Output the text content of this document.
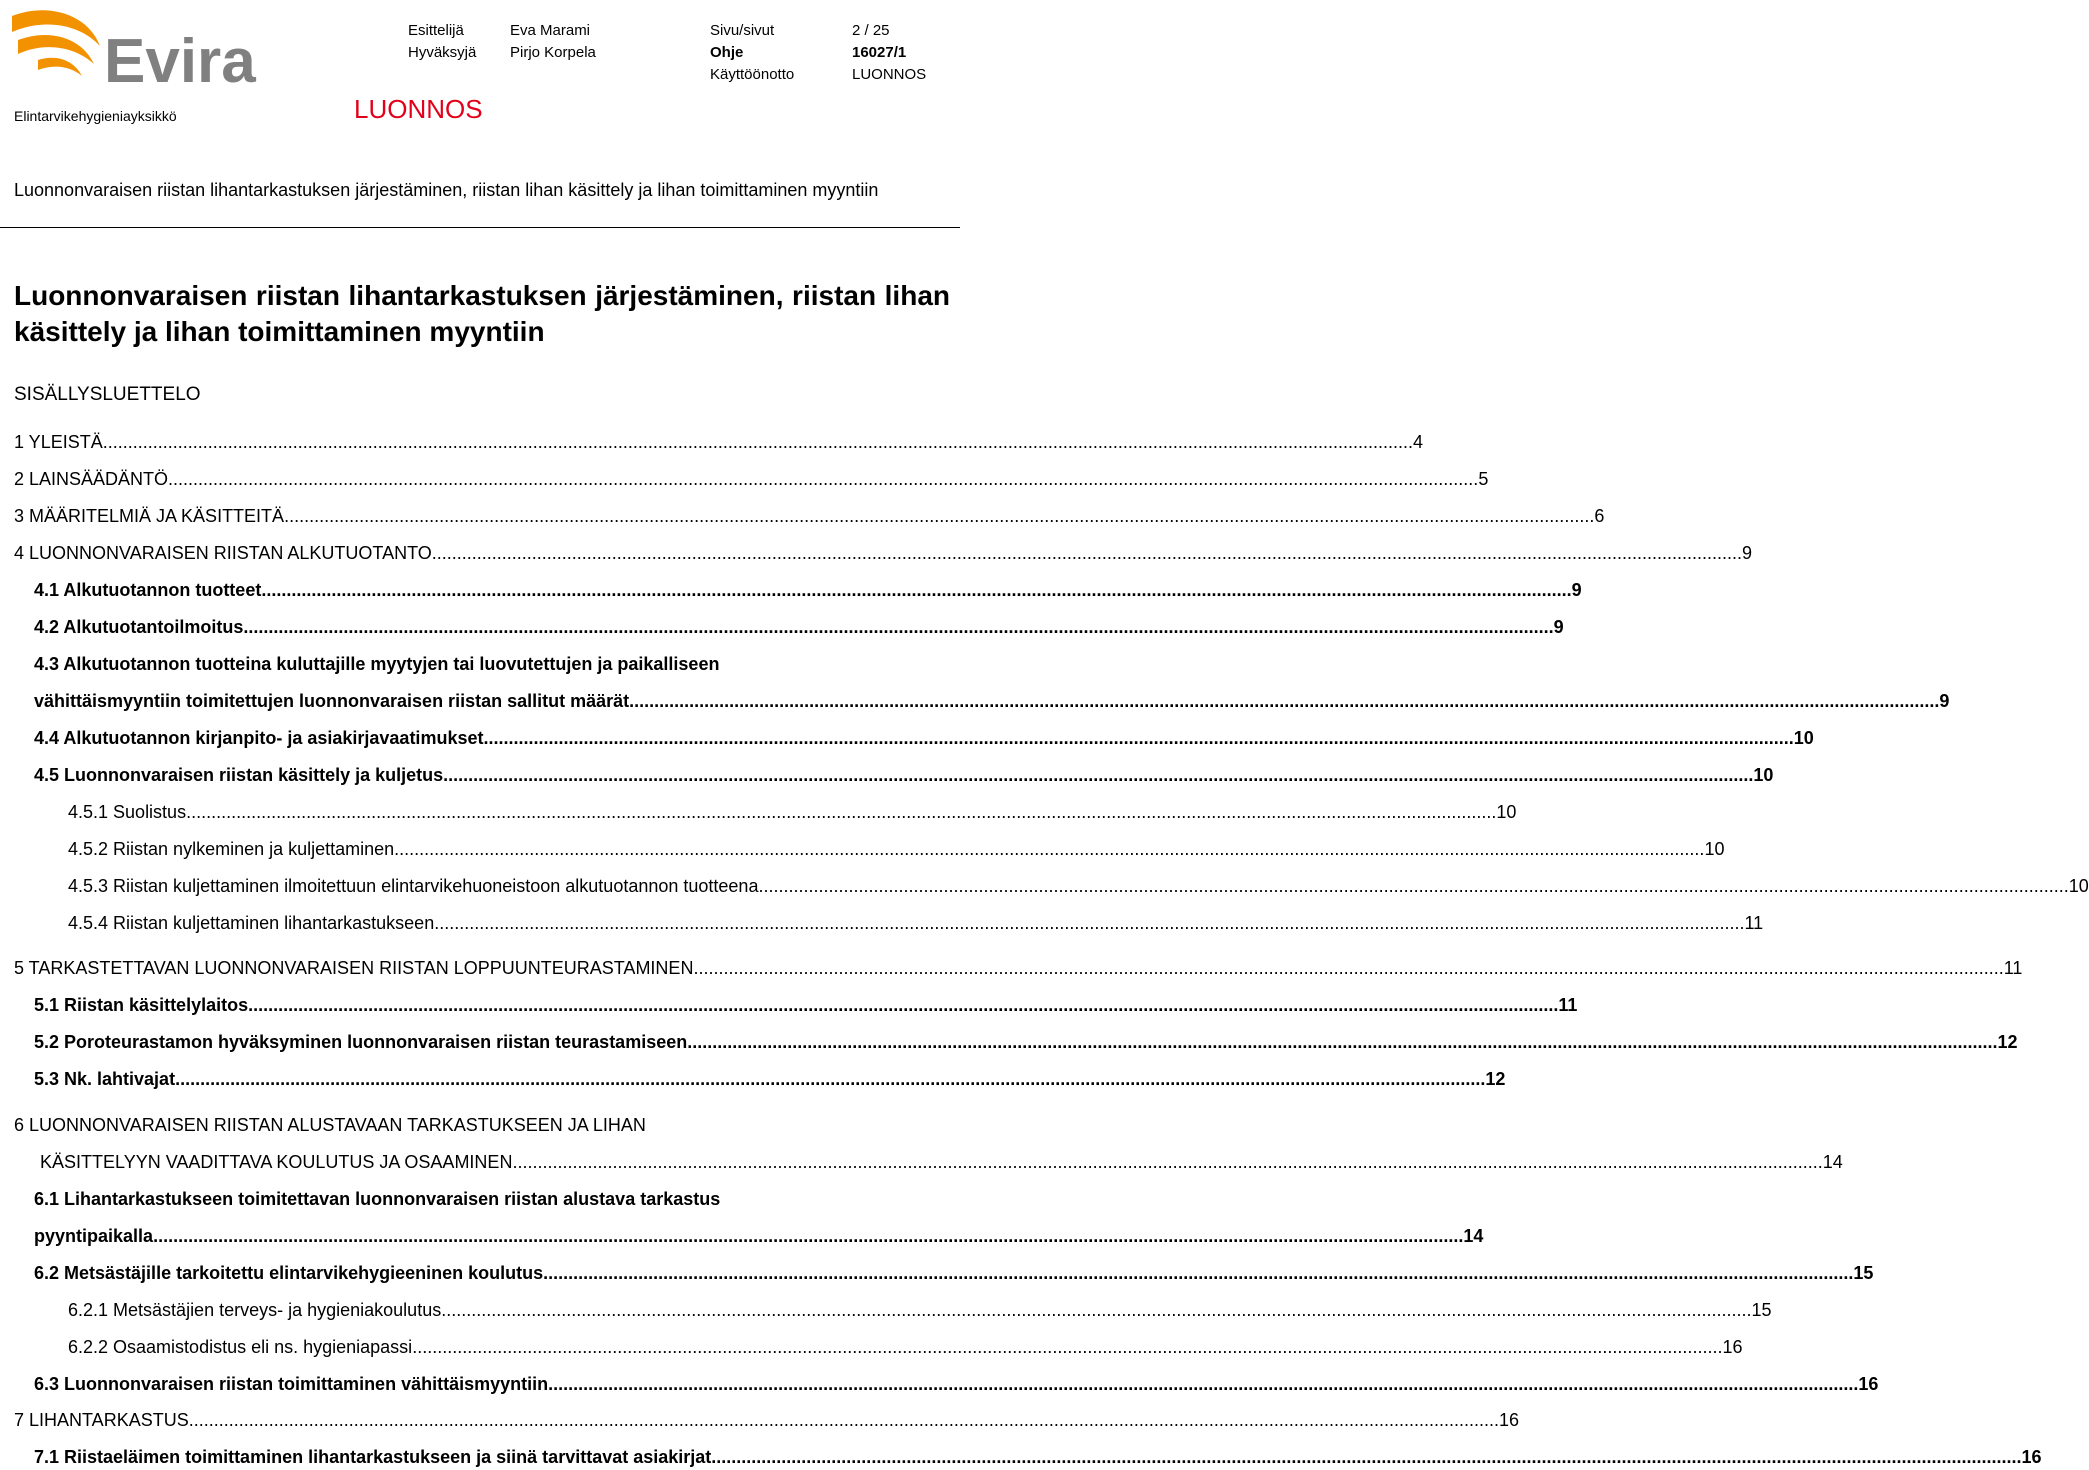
Evira
Elintarvikehygieniayksikkö	LUONNOS
Esittelijä	Eva Marami	Sivu/sivut	2 / 25
Hyväksyjä Pirjo Korpela	Ohje	16027/1
Käyttöönotto	LUONNOS
Luonnonvaraisen riistan lihantarkastuksen järjestäminen, riistan lihan käsittely ja lihan toimittaminen myyntiin
Luonnonvaraisen riistan lihantarkastuksen järjestäminen, riistan lihan käsittely ja lihan toimittaminen myyntiin
SISÄLLYSLUETTELO
1 YLEISTÄ .....	4
2 LAINSÄÄDÄNTÖ .....	5
3 MÄÄRITELMIÄ JA KÄSITTEITÄ .....	6
4 LUONNONVARAISEN RIISTAN ALKUTUOTANTO .....	9
4.1 Alkutuotannon tuotteet .....	9
4.2 Alkutuotantoilmoitus .....	9
4.3 Alkutuotannon tuotteina kuluttajille myytyjen tai luovutettujen ja paikalliseen
vähittäismyyntiin toimitettujen luonnonvaraisen riistan sallitut määrät .....	9
4.4 Alkutuotannon kirjanpito- ja asiakirjavaatimukset .....	10
4.5 Luonnonvaraisen riistan käsittely ja kuljetus .....	10
4.5.1 Suolistus .....	10
4.5.2 Riistan nylkeminen ja kuljettaminen .....	10
4.5.3 Riistan kuljettaminen ilmoitettuun elintarvikehuoneistoon alkutuotannon tuotteena .....	10
4.5.4 Riistan kuljettaminen lihantarkastukseen .....	11
5 TARKASTETTAVAN LUONNONVARAISEN RIISTAN LOPPUUNTEURASTAMINEN .....	11
5.1 Riistan käsittelylaitos .....	11
5.2 Poroteurastamon hyväksyminen luonnonvaraisen riistan teurastamiseen .....	12
5.3 Nk. lahtivajat .....	12
6 LUONNONVARAISEN RIISTAN ALUSTAVAAN TARKASTUKSEEN JA LIHAN
KÄSITTELYYN VAADITTAVA KOULUTUS JA OSAAMINEN .....	14
6.1 Lihantarkastukseen toimitettavan luonnonvaraisen riistan alustava tarkastus
pyyntipaikalla .....	14
6.2 Metsästäjille tarkoitettu elintarvikehygieeninen koulutus .....	15
6.2.1 Metsästäjien terveys- ja hygieniakoulutus .....	15
6.2.2 Osaamistodistus eli ns. hygieniapassi .....	16
6.3 Luonnonvaraisen riistan toimittaminen vähittäismyyntiin .....	16
7 LIHANTARKASTUS .....	16
7.1 Riistaeläimen toimittaminen lihantarkastukseen ja siinä tarvittavat asiakirjat .....	16
